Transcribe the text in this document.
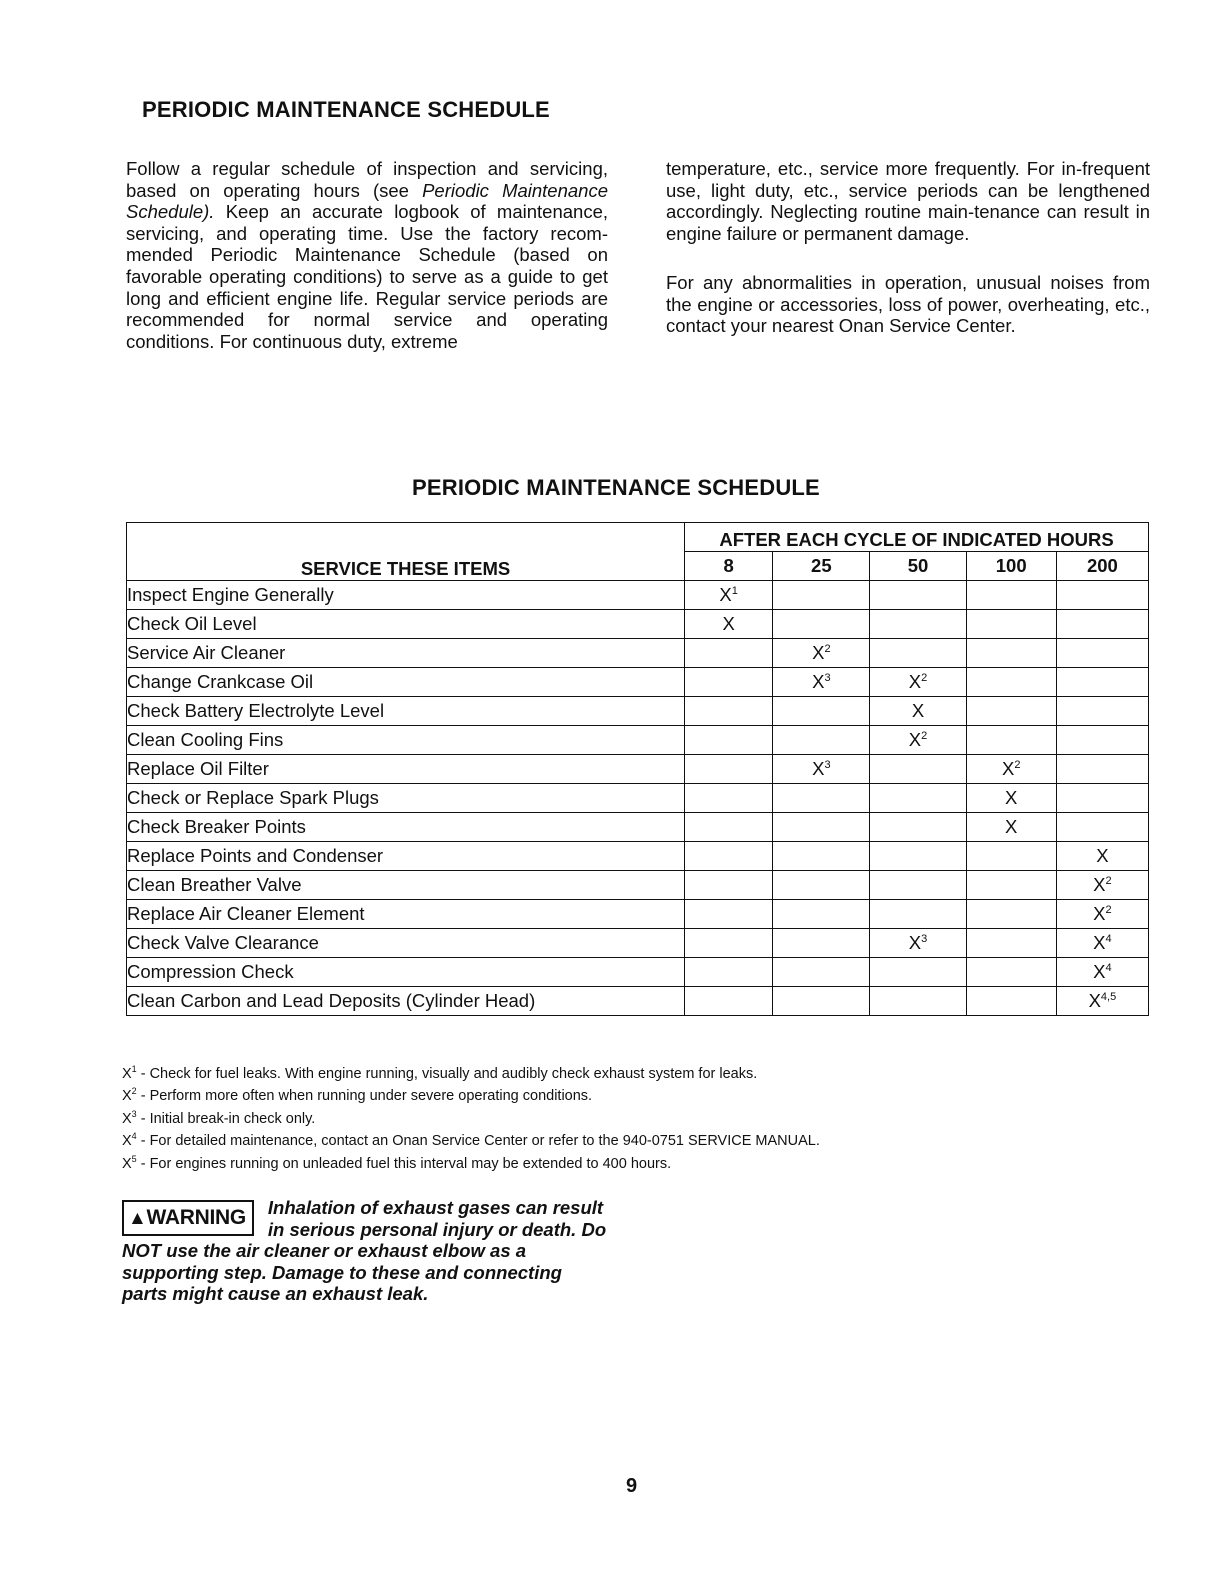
PERIODIC MAINTENANCE SCHEDULE

Follow a regular schedule of inspection and servicing, based on operating hours (see Periodic Maintenance Schedule). Keep an accurate logbook of maintenance, servicing, and operating time. Use the factory recom-mended Periodic Maintenance Schedule (based on favorable operating conditions) to serve as a guide to get long and efficient engine life. Regular service periods are recommended for normal service and operating conditions. For continuous duty, extreme

temperature, etc., service more frequently. For in-frequent use, light duty, etc., service periods can be lengthened accordingly. Neglecting routine main-tenance can result in engine failure or permanent damage.

For any abnormalities in operation, unusual noises from the engine or accessories, loss of power, overheating, etc., contact your nearest Onan Service Center.

PERIODIC MAINTENANCE SCHEDULE
SERVICE THESE ITEMS	AFTER EACH CYCLE OF INDICATED HOURS				
	8	25	50	100	200
Inspect Engine Generally	$X^1$				
Check Oil Level	X				
Service Air Cleaner		$X^2$			
Change Crankcase Oil		$X^3$	$X^2$		
Check Battery Electrolyte Level			X		
Clean Cooling Fins			$X^2$		
Replace Oil Filter		$X^3$		$X^2$	
Check or Replace Spark Plugs				X	
Check Breaker Points				X	
Replace Points and Condenser					X
Clean Breather Valve					$X^2$
Replace Air Cleaner Element					$X^2$
Check Valve Clearance			$X^3$		$X^4$
Compression Check					$X^4$
Clean Carbon and Lead Deposits (Cylinder Head)					X$^{4,5}$
$X^1$ - Check for fuel leaks. With engine running, visually and audibly check exhaust system for leaks.
$X^2$ - Perform more often when running under severe operating conditions.
$X^3$ - Initial break-in check only.
$X^4$ - For detailed maintenance, contact an Onan Service Center or refer to the 940-0751 SERVICE MANUAL.
$X^5$ - For engines running on unleaded fuel this interval may be extended to 400 hours.
▲WARNING	Inhalation of exhaust gases can result in serious personal injury or death. Do NOT use the air cleaner or exhaust elbow as a supporting step. Damage to these and connecting parts might cause an exhaust leak.
9
